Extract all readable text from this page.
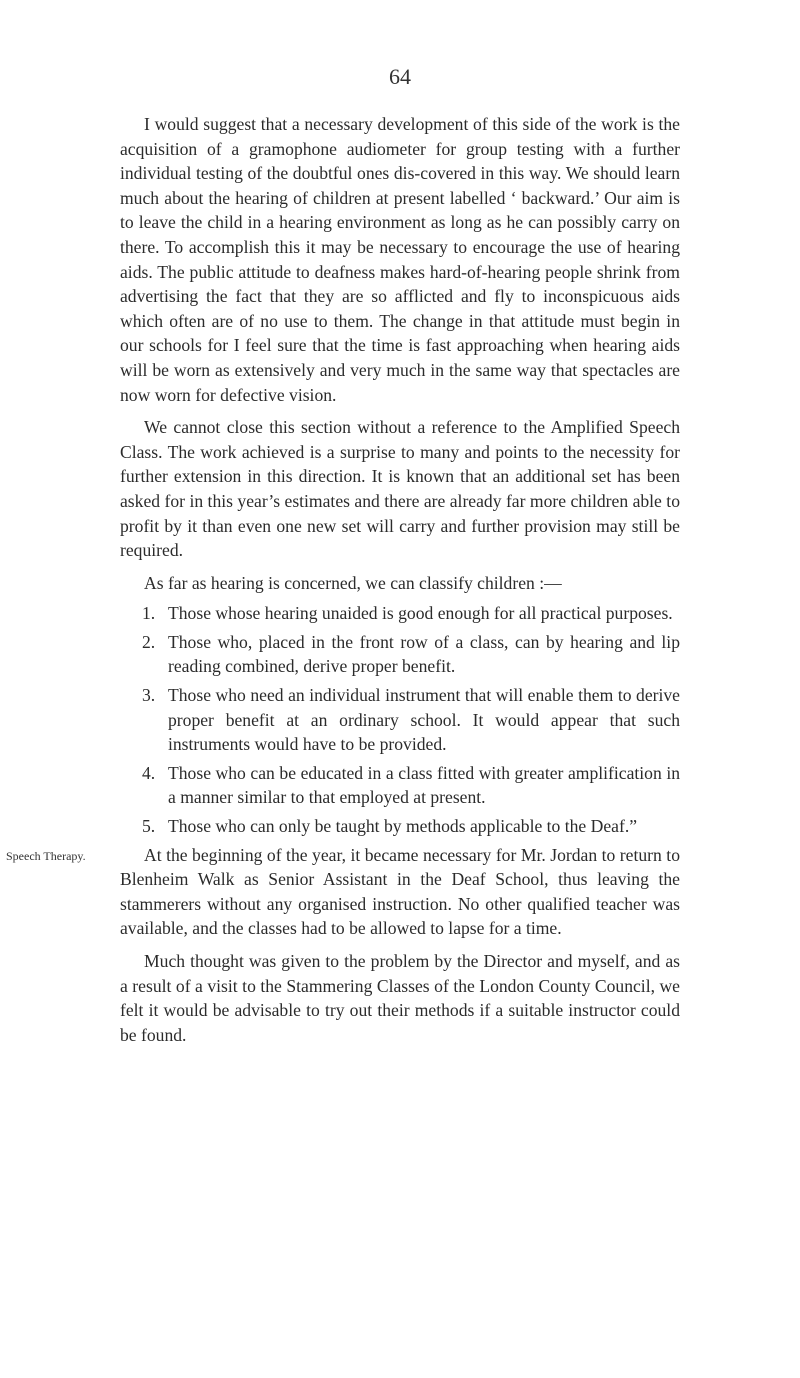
64

I would suggest that a necessary development of this side of the work is the acquisition of a gramophone audiometer for group testing with a further individual testing of the doubtful ones dis-covered in this way. We should learn much about the hearing of children at present labelled ‘ backward.’ Our aim is to leave the child in a hearing environment as long as he can possibly carry on there. To accomplish this it may be necessary to encourage the use of hearing aids. The public attitude to deafness makes hard-of-hearing people shrink from advertising the fact that they are so afflicted and fly to inconspicuous aids which often are of no use to them. The change in that attitude must begin in our schools for I feel sure that the time is fast approaching when hearing aids will be worn as extensively and very much in the same way that spectacles are now worn for defective vision.

We cannot close this section without a reference to the Amplified Speech Class. The work achieved is a surprise to many and points to the necessity for further extension in this direction. It is known that an additional set has been asked for in this year’s estimates and there are already far more children able to profit by it than even one new set will carry and further provision may still be required.

As far as hearing is concerned, we can classify children :—

1. Those whose hearing unaided is good enough for all practical purposes.
2. Those who, placed in the front row of a class, can by hearing and lip reading combined, derive proper benefit.
3. Those who need an individual instrument that will enable them to derive proper benefit at an ordinary school. It would appear that such instruments would have to be provided.
4. Those who can be educated in a class fitted with greater amplification in a manner similar to that employed at present.
5. Those who can only be taught by methods applicable to the Deaf.”

Speech Therapy.	At the beginning of the year, it became necessary for Mr. Jordan to return to Blenheim Walk as Senior Assistant in the Deaf School, thus leaving the stammerers without any organised instruction. No other qualified teacher was available, and the classes had to be allowed to lapse for a time.

Much thought was given to the problem by the Director and myself, and as a result of a visit to the Stammering Classes of the London County Council, we felt it would be advisable to try out their methods if a suitable instructor could be found.
